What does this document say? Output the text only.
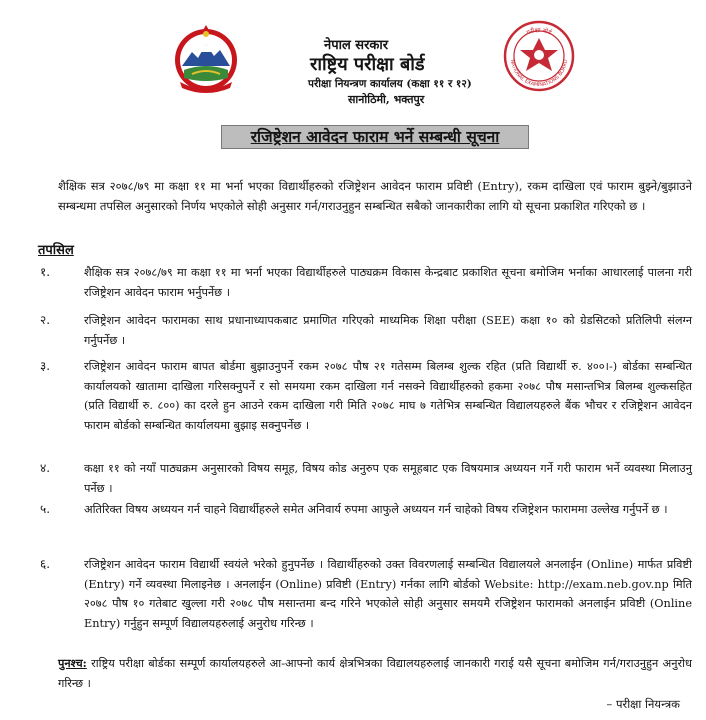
नेपाल सरकार
राष्ट्रिय परीक्षा बोर्ड
परीक्षा नियन्त्रण कार्यालय (कक्षा ११ र १२)
सानोठिमी, भक्तपुर
परीक्षा बोर्ड
NATIONAL EXAMINATIONS BOARD
रजिष्ट्रेशन आवेदन फाराम भर्ने सम्बन्धी सूचना
शैक्षिक सत्र २०७८/७९ मा कक्षा ११ मा भर्ना भएका विद्यार्थीहरुको रजिष्ट्रेशन आवेदन फाराम प्रविष्टी (Entry), रकम दाखिला एवं फाराम बुझ्ने/बुझाउने सम्बन्धमा तपसिल अनुसारको निर्णय भएकोले सोही अनुसार गर्न/गराउनुहुन सम्बन्धित सबैको जानकारीका लागि यो सूचना प्रकाशित गरिएको छ ।
तपसिल
१.	शैक्षिक सत्र २०७८/७९ मा कक्षा ११ मा भर्ना भएका विद्यार्थीहरुले पाठ्यक्रम विकास केन्द्रबाट प्रकाशित सूचना बमोजिम भर्नाका आधारलाई पालना गरी रजिष्ट्रेशन आवेदन फाराम भर्नुपर्नेछ ।
२.	रजिष्ट्रेशन आवेदन फारामका साथ प्रधानाध्यापकबाट प्रमाणित गरिएको माध्यमिक शिक्षा परीक्षा (SEE) कक्षा १० को ग्रेडसिटको प्रतिलिपी संलग्न गर्नुपर्नेछ ।
३.	रजिष्ट्रेशन आवेदन फाराम बापत बोर्डमा बुझाउनुपर्ने रकम २०७८ पौष २१ गतेसम्म बिलम्ब शुल्क रहित (प्रति विद्यार्थी रु. ४००।-) बोर्डका सम्बन्धित कार्यालयको खातामा दाखिला गरिसक्नुपर्ने र सो समयमा रकम दाखिला गर्न नसक्ने विद्यार्थीहरुको हकमा २०७८ पौष मसान्तभित्र बिलम्ब शुल्कसहित (प्रति विद्यार्थी रु. ८००) का दरले हुन आउने रकम दाखिला गरी मिति २०७८ माघ ७ गतेभित्र सम्बन्धित विद्यालयहरुले बैंक भौचर र रजिष्ट्रेशन आवेदन फाराम बोर्डको सम्बन्धित कार्यालयमा बुझाइ सक्नुपर्नेछ ।
४.	कक्षा ११ को नयाँ पाठ्यक्रम अनुसारको विषय समूह, विषय कोड अनुरुप एक समूहबाट एक विषयमात्र अध्ययन गर्ने गरी फाराम भर्ने व्यवस्था मिलाउनु पर्नेछ ।
५.	अतिरिक्त विषय अध्ययन गर्न चाहने विद्यार्थीहरुले समेत अनिवार्य रुपमा आफुले अध्ययन गर्न चाहेको विषय रजिष्ट्रेशन फाराममा उल्लेख गर्नुपर्ने छ ।
६.	रजिष्ट्रेशन आवेदन फाराम विद्यार्थी स्वयंले भरेको हुनुपर्नेछ । विद्यार्थीहरुको उक्त विवरणलाई सम्बन्धित विद्यालयले अनलाईन (Online) मार्फत प्रविष्टी (Entry) गर्ने व्यवस्था मिलाइनेछ । अनलाईन (Online) प्रविष्टी (Entry) गर्नका लागि बोर्डको Website: http://exam.neb.gov.np मिति २०७८ पौष १० गतेबाट खुल्ला गरी २०७८ पौष मसान्तमा बन्द गरिने भएकोले सोही अनुसार समयमै रजिष्ट्रेशन फारामको अनलाईन प्रविष्टी (Online Entry) गर्नुहुन सम्पूर्ण विद्यालयहरुलाई अनुरोध गरिन्छ ।
पुनश्च: राष्ट्रिय परीक्षा बोर्डका सम्पूर्ण कार्यालयहरुले आ-आफ्नो कार्य क्षेत्रभित्रका विद्यालयहरुलाई जानकारी गराई यसै सूचना बमोजिम गर्न/गराउनुहुन अनुरोध गरिन्छ ।
– परीक्षा नियन्त्रक
